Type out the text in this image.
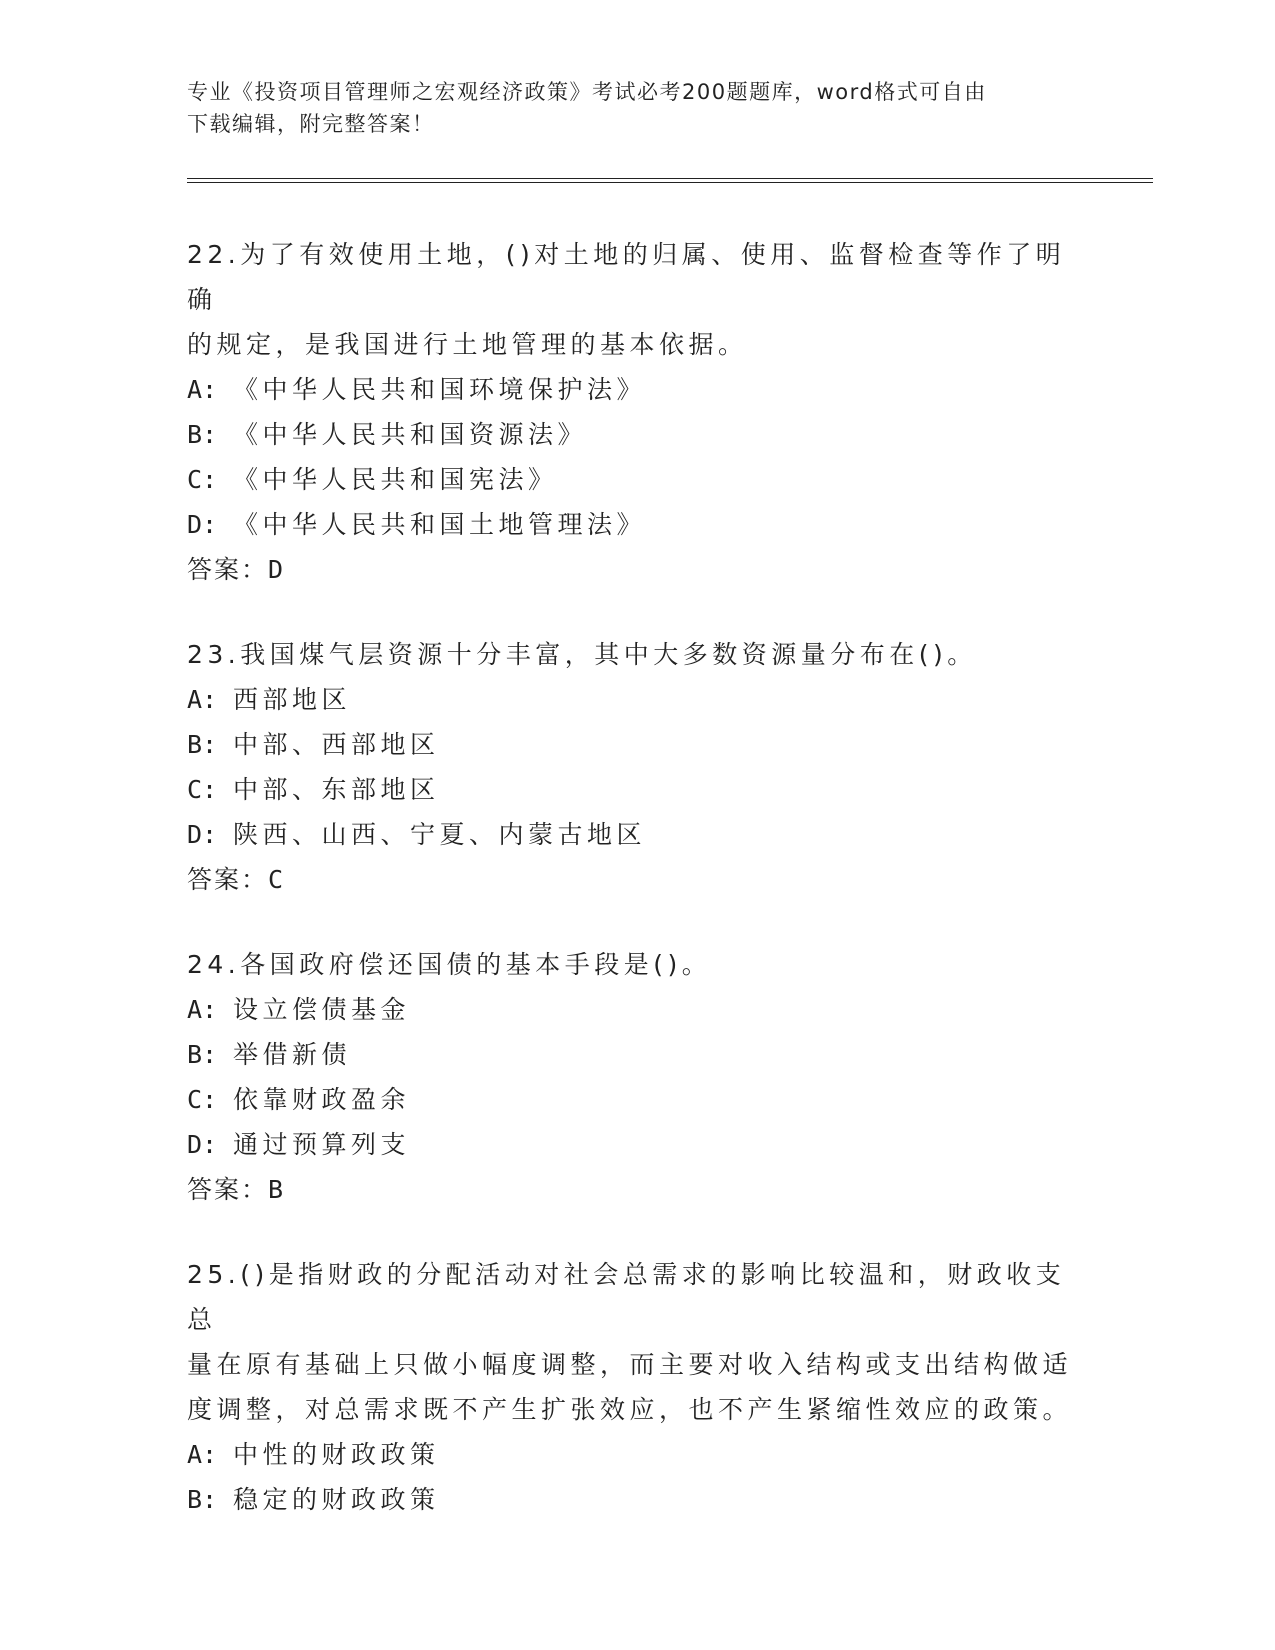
专业《投资项目管理师之宏观经济政策》考试必考200题题库，word格式可自由
下载编辑，附完整答案！

22.为了有效使用土地，()对土地的归属、使用、监督检查等作了明确

的规定，是我国进行土地管理的基本依据。

A: 《中华人民共和国环境保护法》
B: 《中华人民共和国资源法》
C: 《中华人民共和国宪法》
D: 《中华人民共和国土地管理法》

答案：D

23.我国煤气层资源十分丰富，其中大多数资源量分布在()。

A: 西部地区
B: 中部、西部地区
C: 中部、东部地区
D: 陕西、山西、宁夏、内蒙古地区

答案：C

24.各国政府偿还国债的基本手段是()。

A: 设立偿债基金
B: 举借新债
C: 依靠财政盈余
D: 通过预算列支

答案：B

25.()是指财政的分配活动对社会总需求的影响比较温和，财政收支总

量在原有基础上只做小幅度调整，而主要对收入结构或支出结构做适

度调整，对总需求既不产生扩张效应，也不产生紧缩性效应的政策。

A: 中性的财政政策
B: 稳定的财政政策
